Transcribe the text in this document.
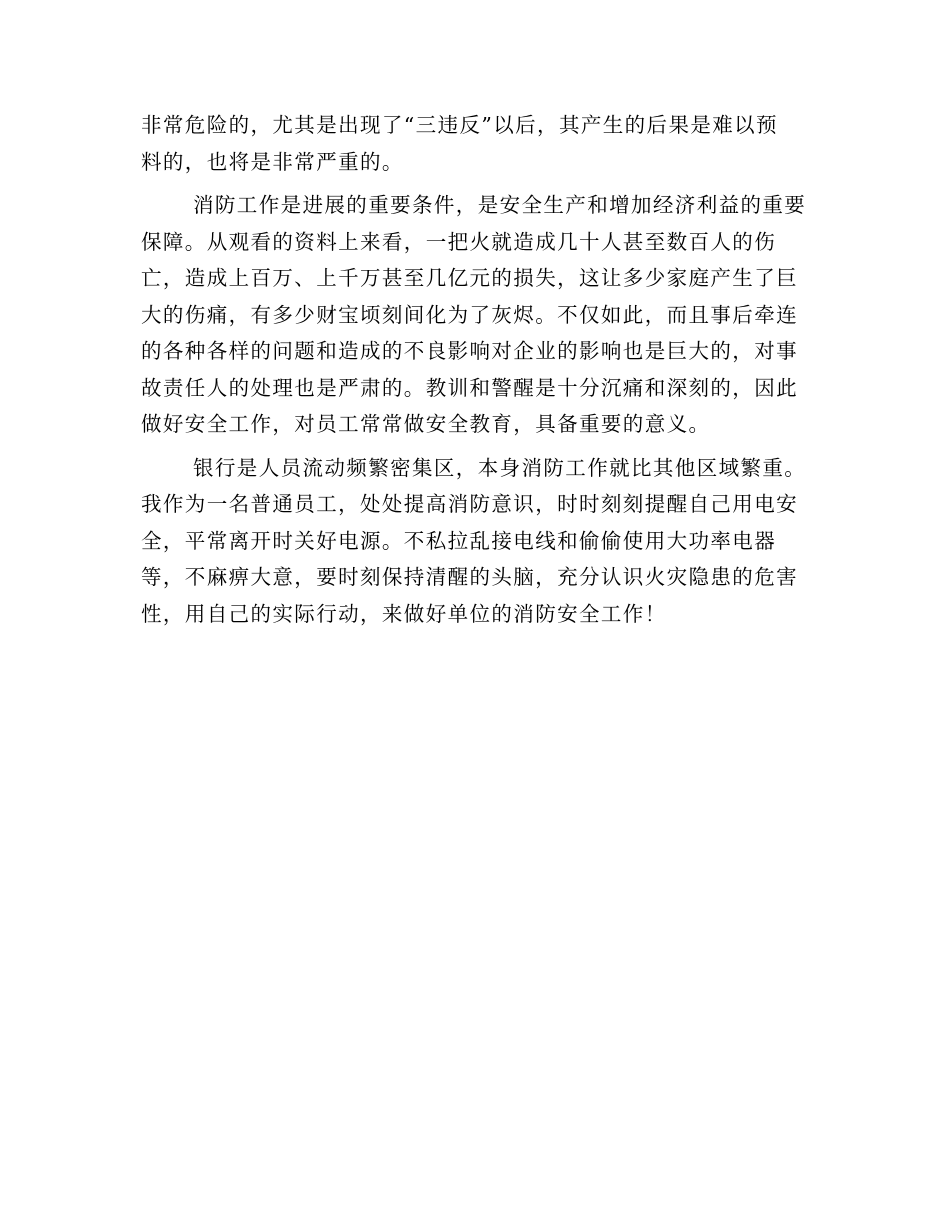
非常危险的，尤其是出现了“三违反”以后，其产生的后果是难以预
料的，也将是非常严重的。

消防工作是进展的重要条件，是安全生产和增加经济利益的重要
保障。从观看的资料上来看，一把火就造成几十人甚至数百人的伤
亡，造成上百万、上千万甚至几亿元的损失，这让多少家庭产生了巨
大的伤痛，有多少财宝顷刻间化为了灰烬。不仅如此，而且事后牵连
的各种各样的问题和造成的不良影响对企业的影响也是巨大的，对事
故责任人的处理也是严肃的。教训和警醒是十分沉痛和深刻的，因此
做好安全工作，对员工常常做安全教育，具备重要的意义。

银行是人员流动频繁密集区，本身消防工作就比其他区域繁重。
我作为一名普通员工，处处提高消防意识，时时刻刻提醒自己用电安
全，平常离开时关好电源。不私拉乱接电线和偷偷使用大功率电器
等，不麻痹大意，要时刻保持清醒的头脑，充分认识火灾隐患的危害
性，用自己的实际行动，来做好单位的消防安全工作！
